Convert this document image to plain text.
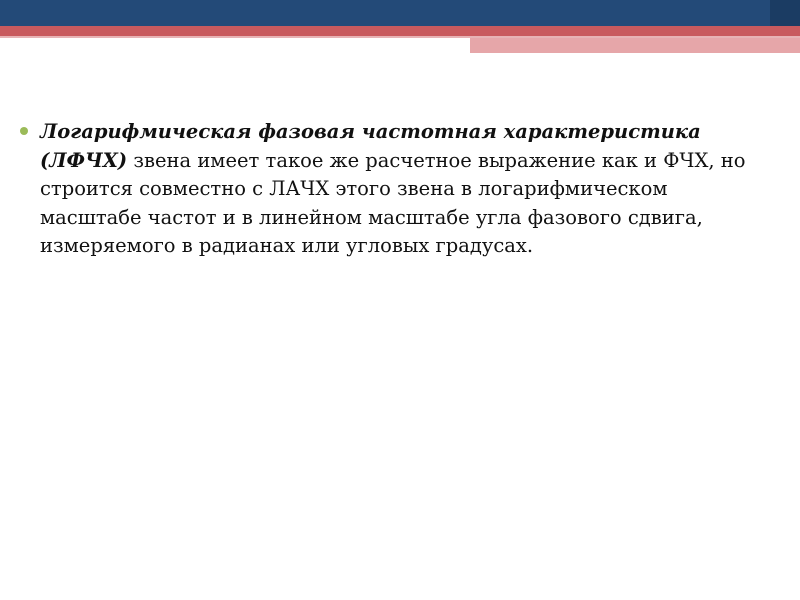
Логарифмическая фазовая частотная характеристика (ЛФЧХ) звена имеет такое же расчетное выражение как и ФЧХ, но строится совместно с ЛАЧХ этого звена в логарифмическом масштабе частот и в линейном масштабе угла фазового сдвига, измеряемого в радианах или угловых градусах.
